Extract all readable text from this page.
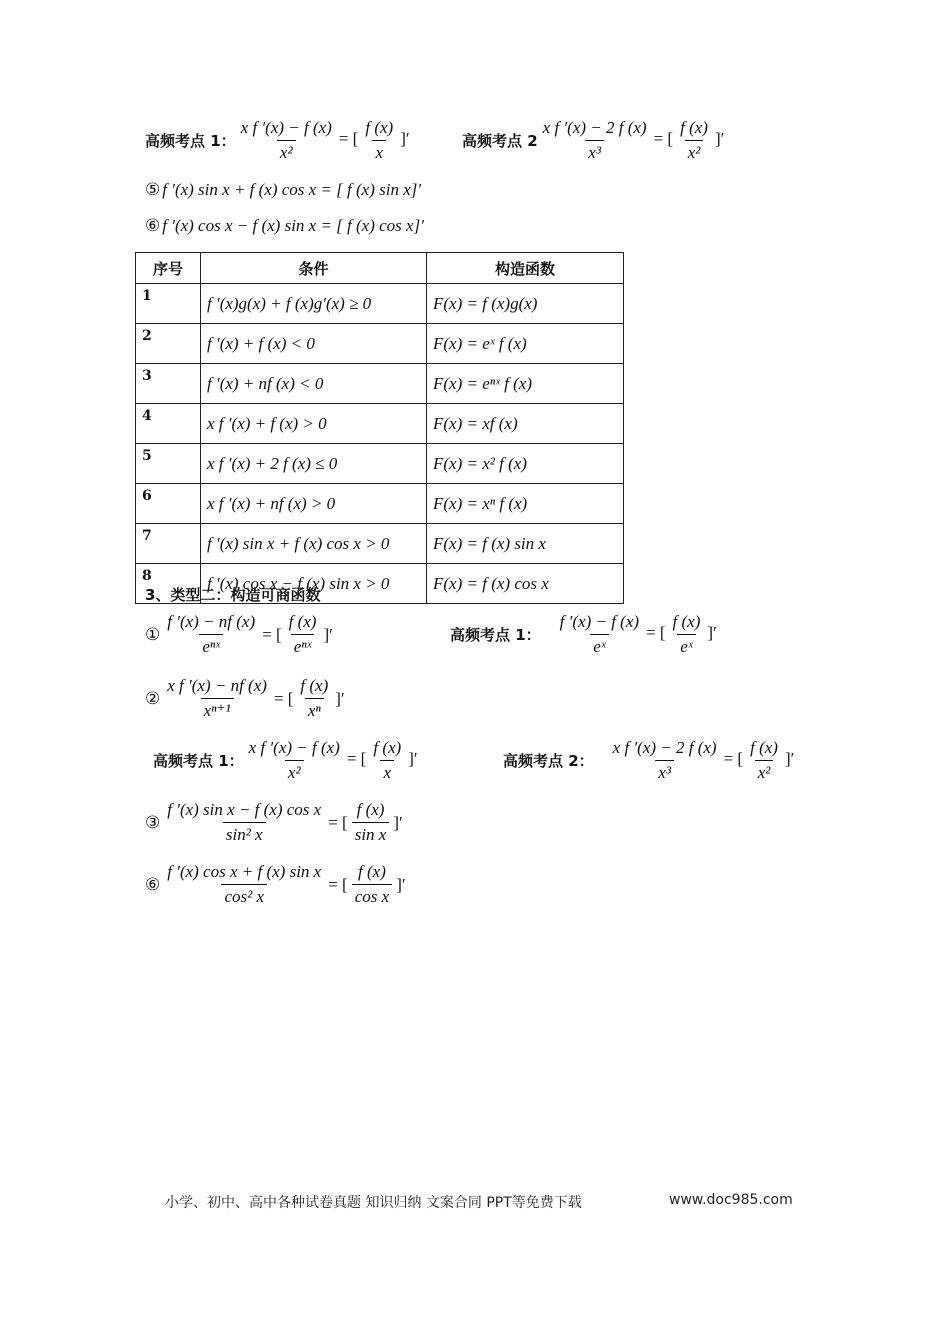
高频考点 1： $\frac{\text{x f ′(x) − f (x)}}{\text{x²}}$ = [ $\frac{f (x)}{x}$ ]′	高频考点 $2 \frac{\text{x f ′(x) − 2 f (x)}}{\text{x³}}$ = [ $\frac{f (x)}{\text{x²}}$ ]′
⑤ f ′(x) sin x + f (x) cos x = [ f (x) sin x]′
⑥ f ′(x) cos x − f (x) sin x = [ f (x) cos x]′
序号	条件	构造函数
1	f ′(x)g(x) + f (x)g′(x) ≥ 0	F(x) = f (x)g(x)
2	f ′(x) + f (x) < 0	F(x) = eˣ f (x)
3	f ′(x) + nf (x) < 0	F(x) = eⁿˣ f (x)
4	x f ′(x) + f (x) > 0	F(x) = xf (x)
5	x f ′(x) + 2 f (x) ≤ 0	F(x) = x² f (x)
6	x f ′(x) + nf (x) > 0	F(x) = xⁿ f (x)
7	f ′(x) sin x + f (x) cos x > 0	F(x) = f (x) sin x
8	f ′(x) cos x − f (x) sin x > 0	F(x) = f (x) cos x
3、类型二：构造可商函数
① $\frac{f '(x) - nf (x)}{\text{eⁿˣ}}$ = [ $\frac{f (x)}{\text{eⁿˣ}}$ ]′	高频考点 1： $\frac{f '(x) - f (x)}{\text{eˣ}}$ = [ $\frac{f (x)}{\text{eˣ}}$ ]′
② $\frac{\text{x f ′(x) − nf (x)}}{\text{xⁿ⁺¹}}$ = [ $\frac{f (x)}{\text{xⁿ}}$ ]′
高频考点 1： $\frac{\text{x f ′(x) − f (x)}}{\text{x²}}$ = [ $\frac{f (x)}{x}$ ]′	高频考点 2： $\frac{\text{x f ′(x) − 2 f (x)}}{\text{x³}}$ = [ $\frac{f (x)}{\text{x²}}$ ]′
③ $\frac{\text{f ′(x) sin x − f (x) cos x}}{\text{sin² x}}$ = [ $\frac{f (x)}{\text{sin x}}$ ]′
⑥ $\frac{\text{f ′(x) cos x + f (x) sin x}}{\text{cos² x}}$ = [ $\frac{f (x)}{\text{cos x}}$ ]′
小学、初中、高中各种试卷真题 知识归纳 文案合同 PPT等免费下载	www.doc985.com
